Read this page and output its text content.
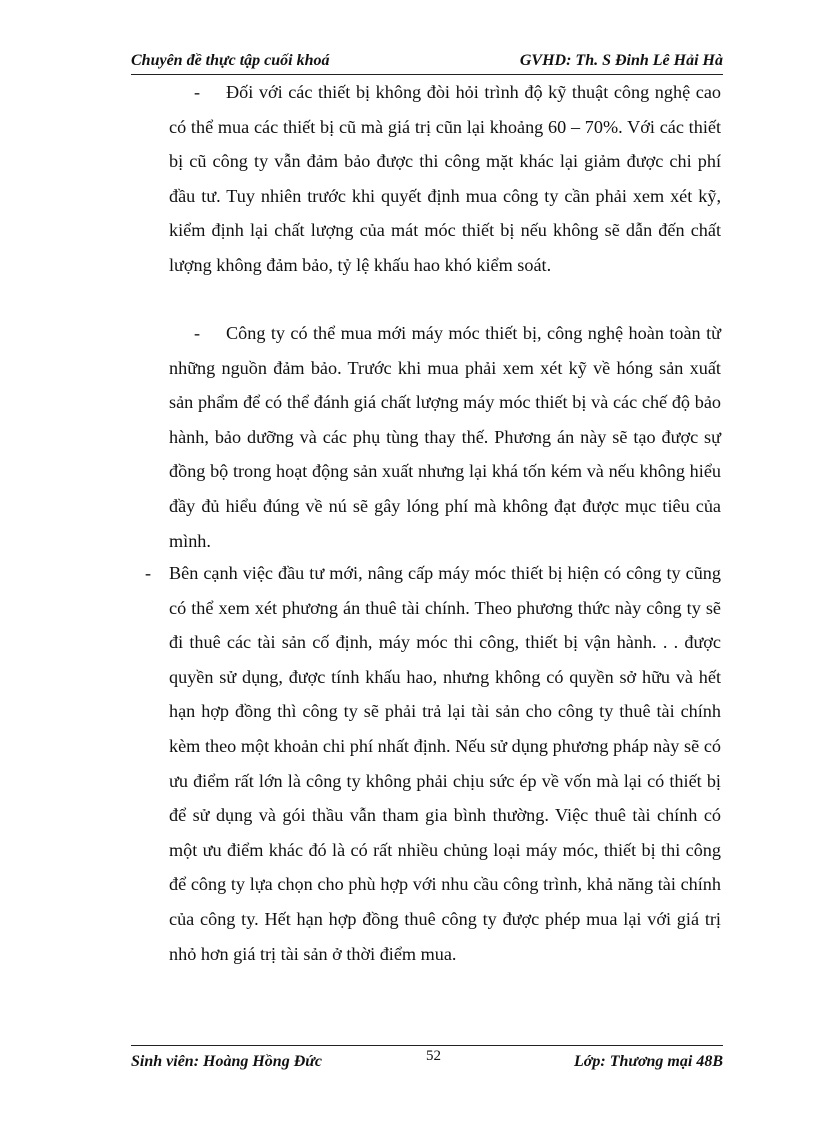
Chuyên đề thực tập cuối khoá	GVHD: Th. S Đinh Lê Hải Hà
-	Đối với các thiết bị không đòi hỏi trình độ kỹ thuật công nghệ cao có thể mua các thiết bị cũ mà giá trị cũn lại khoảng 60 – 70%. Với các thiết bị cũ công ty vẫn đảm bảo được thi công mặt khác lại giảm được chi phí đầu tư. Tuy nhiên trước khi quyết định mua công ty cần phải xem xét kỹ, kiểm định lại chất lượng của mát móc thiết bị nếu không sẽ dẫn đến chất lượng không đảm bảo, tỷ lệ khấu hao khó kiểm soát.

-	Công ty có thể mua mới máy móc thiết bị, công nghệ hoàn toàn từ những nguồn đảm bảo. Trước khi mua phải xem xét kỹ về hóng sản xuất sản phẩm để có thể đánh giá chất lượng máy móc thiết bị và các chế độ bảo hành, bảo dưỡng và các phụ tùng thay thế. Phương án này sẽ tạo được sự đồng bộ trong hoạt động sản xuất nhưng lại khá tốn kém và nếu không hiểu đầy đủ hiểu đúng về nú sẽ gây lóng phí mà không đạt được mục tiêu của mình.

- Bên cạnh việc đầu tư mới, nâng cấp máy móc thiết bị hiện có công ty cũng có thể xem xét phương án thuê tài chính. Theo phương thức này công ty sẽ đi thuê các tài sản cố định, máy móc thi công, thiết bị vận hành. . . được quyền sử dụng, được tính khấu hao, nhưng không có quyền sở hữu và hết hạn hợp đồng thì công ty sẽ phải trả lại tài sản cho công ty thuê tài chính kèm theo một khoản chi phí nhất định. Nếu sử dụng phương pháp này sẽ có ưu điểm rất lớn là công ty không phải chịu sức ép về vốn mà lại có thiết bị để sử dụng và gói thầu vẫn tham gia bình thường. Việc thuê tài chính có một ưu điểm khác đó là có rất nhiều chủng loại máy móc, thiết bị thi công để công ty lựa chọn cho phù hợp với nhu cầu công trình, khả năng tài chính của công ty. Hết hạn hợp đồng thuê công ty được phép mua lại với giá trị nhỏ hơn giá trị tài sản ở thời điểm mua.

Sinh viên: Hoàng Hồng Đức	52	Lớp: Thương mại 48B
